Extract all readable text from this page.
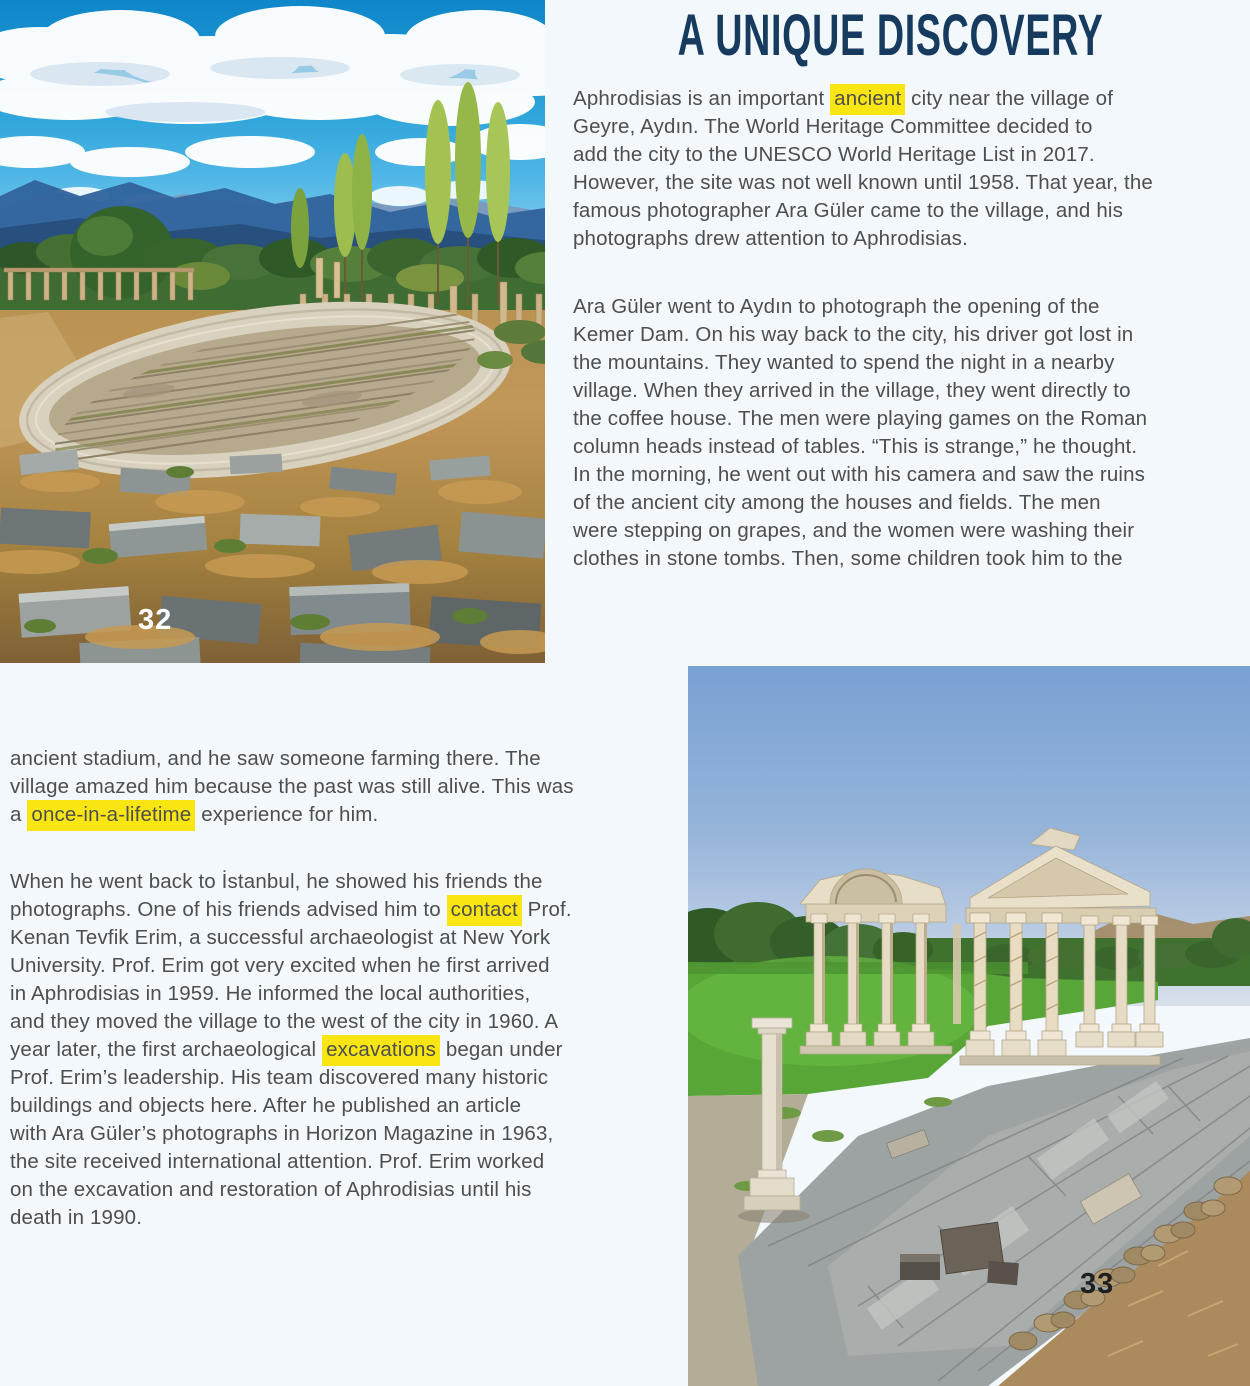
32
A UNIQUE DISCOVERY
Aphrodisias is an important ancient city near the village of
Geyre, Aydın. The World Heritage Committee decided to
add the city to the UNESCO World Heritage List in 2017.
However, the site was not well known until 1958. That year, the
famous photographer Ara Güler came to the village, and his
photographs drew attention to Aphrodisias.
Ara Güler went to Aydın to photograph the opening of the
Kemer Dam. On his way back to the city, his driver got lost in
the mountains. They wanted to spend the night in a nearby
village. When they arrived in the village, they went directly to
the coffee house. The men were playing games on the Roman
column heads instead of tables. “This is strange,” he thought.
In the morning, he went out with his camera and saw the ruins
of the ancient city among the houses and fields. The men
were stepping on grapes, and the women were washing their
clothes in stone tombs. Then, some children took him to the
ancient stadium, and he saw someone farming there. The
village amazed him because the past was still alive. This was
a once-in-a-lifetime experience for him.
When he went back to İstanbul, he showed his friends the
photographs. One of his friends advised him to contact Prof.
Kenan Tevfik Erim, a successful archaeologist at New York
University. Prof. Erim got very excited when he first arrived
in Aphrodisias in 1959. He informed the local authorities,
and they moved the village to the west of the city in 1960. A
year later, the first archaeological excavations began under
Prof. Erim’s leadership. His team discovered many historic
buildings and objects here. After he published an article
with Ara Güler’s photographs in Horizon Magazine in 1963,
the site received international attention. Prof. Erim worked
on the excavation and restoration of Aphrodisias until his
death in 1990.
33
